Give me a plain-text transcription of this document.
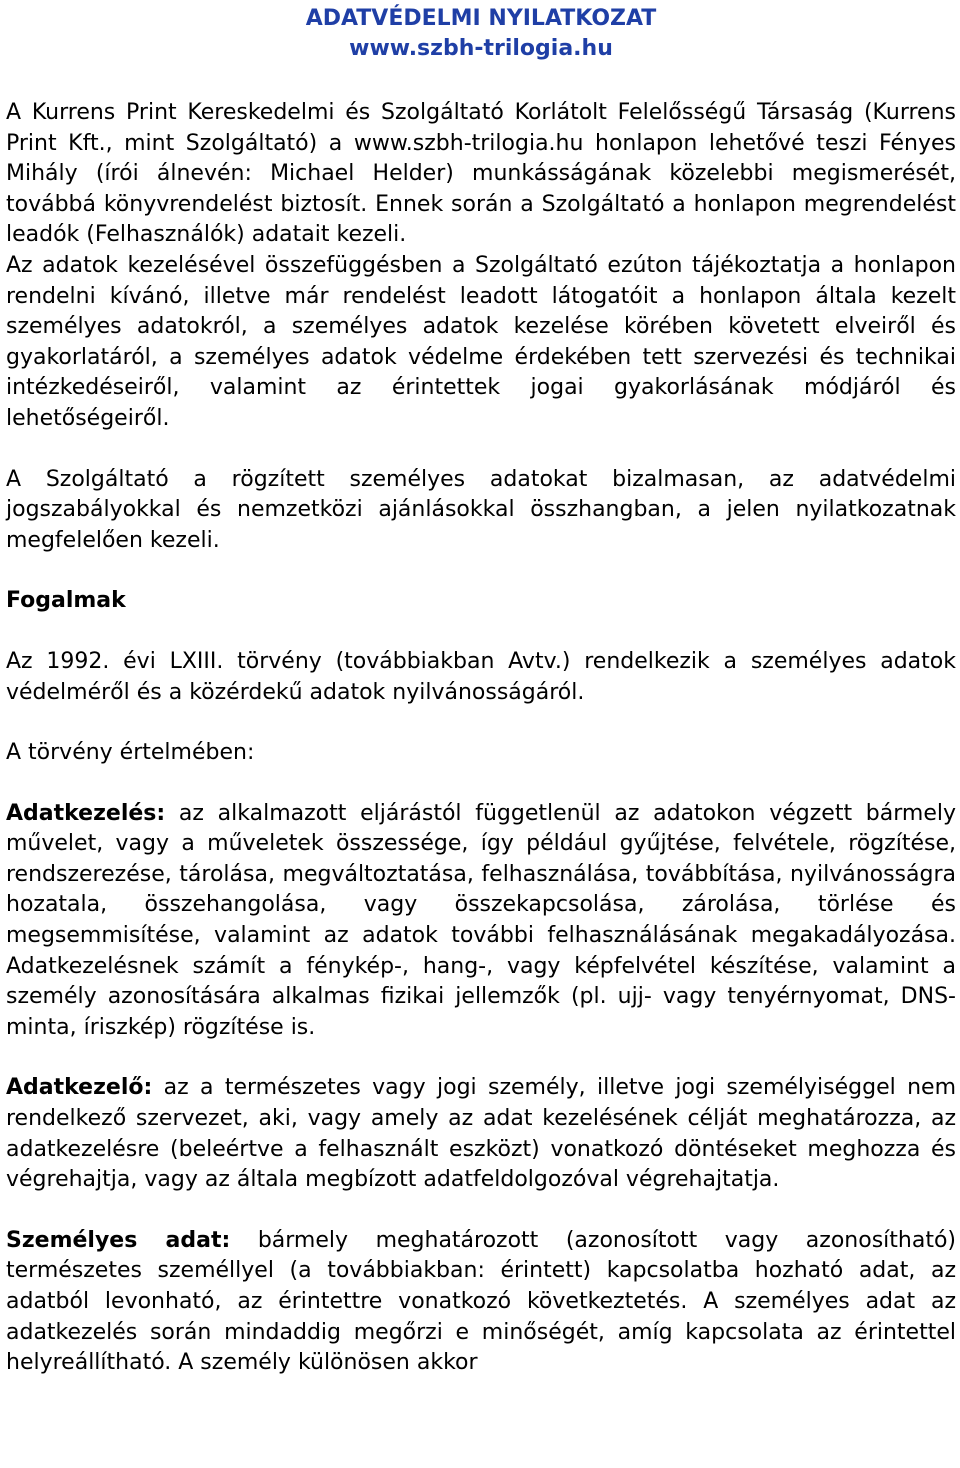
ADATVÉDELMI NYILATKOZAT
www.szbh-trilogia.hu

A Kurrens Print Kereskedelmi és Szolgáltató Korlátolt Felelősségű Társaság (Kurrens Print Kft., mint Szolgáltató) a www.szbh-trilogia.hu honlapon lehetővé teszi Fényes Mihály (írói álnevén: Michael Helder) munkásságának közelebbi megismerését, továbbá könyvrendelést biztosít. Ennek során a Szolgáltató a honlapon megrendelést leadók (Felhasználók) adatait kezeli.

Az adatok kezelésével összefüggésben a Szolgáltató ezúton tájékoztatja a honlapon rendelni kívánó, illetve már rendelést leadott látogatóit a honlapon általa kezelt személyes adatokról, a személyes adatok kezelése körében követett elveiről és gyakorlatáról, a személyes adatok védelme érdekében tett szervezési és technikai intézkedéseiről, valamint az érintettek jogai gyakorlásának módjáról és lehetőségeiről.

A Szolgáltató a rögzített személyes adatokat bizalmasan, az adatvédelmi jogszabályokkal és nemzetközi ajánlásokkal összhangban, a jelen nyilatkozatnak megfelelően kezeli.

Fogalmak

Az 1992. évi LXIII. törvény (továbbiakban Avtv.) rendelkezik a személyes adatok védelméről és a közérdekű adatok nyilvánosságáról.

A törvény értelmében:

Adatkezelés: az alkalmazott eljárástól függetlenül az adatokon végzett bármely művelet, vagy a műveletek összessége, így például gyűjtése, felvétele, rögzítése, rendszerezése, tárolása, megváltoztatása, felhasználása, továbbítása, nyilvánosságra hozatala, összehangolása, vagy összekapcsolása, zárolása, törlése és megsemmisítése, valamint az adatok további felhasználásának megakadályozása. Adatkezelésnek számít a fénykép-, hang-, vagy képfelvétel készítése, valamint a személy azonosítására alkalmas fizikai jellemzők (pl. ujj- vagy tenyérnyomat, DNS-minta, íriszkép) rögzítése is.

Adatkezelő: az a természetes vagy jogi személy, illetve jogi személyiséggel nem rendelkező szervezet, aki, vagy amely az adat kezelésének célját meghatározza, az adatkezelésre (beleértve a felhasznált eszközt) vonatkozó döntéseket meghozza és végrehajtja, vagy az általa megbízott adatfeldolgozóval végrehajtatja.

Személyes adat: bármely meghatározott (azonosított vagy azonosítható) természetes személlyel (a továbbiakban: érintett) kapcsolatba hozható adat, az adatból levonható, az érintettre vonatkozó következtetés. A személyes adat az adatkezelés során mindaddig megőrzi e minőségét, amíg kapcsolata az érintettel helyreállítható. A személy különösen akkor
